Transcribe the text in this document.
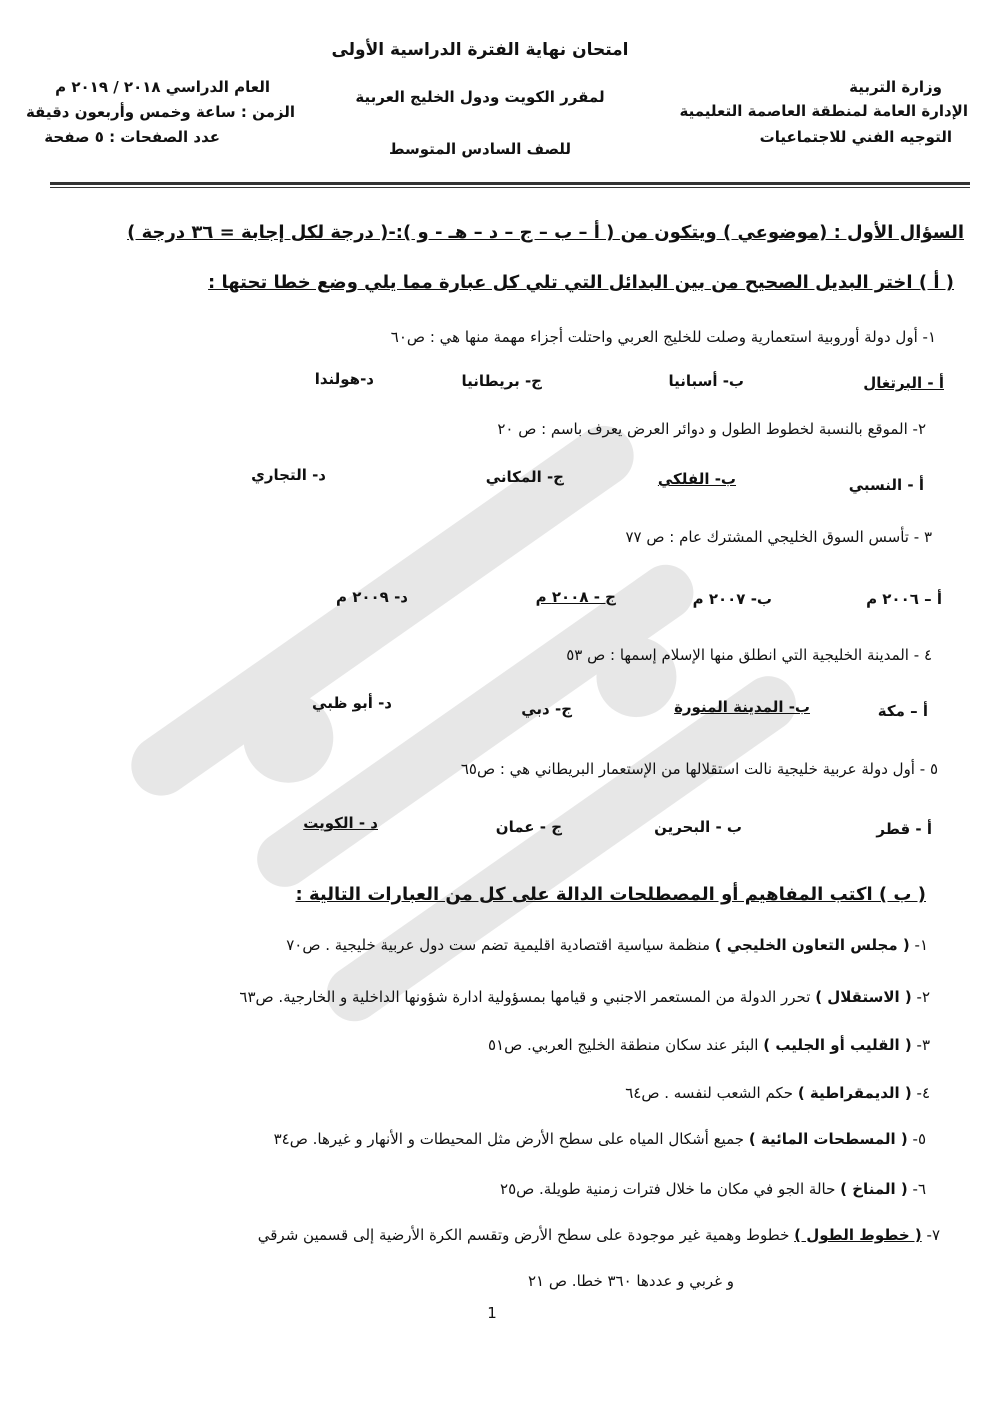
امتحان نهاية الفترة الدراسية الأولى
لمقرر الكويت ودول الخليج العربية
للصف السادس المتوسط
وزارة التربية
الإدارة العامة لمنطقة العاصمة التعليمية
التوجيه الفني للاجتماعيات
العام الدراسي ٢٠١٨ / ٢٠١٩ م
الزمن : ساعة وخمس وأربعون دقيقة
عدد الصفحات : ٥ صفحة
السؤال الأول : (موضوعي ) ويتكون من ( أ – ب – ج – د – هـ - و ):-( درجة لكل إجابة = ٣٦ درجة )
( أ ) اختر البديل الصحيح من بين البدائل التي تلي كل عبارة مما يلي وضع خطا تحتها :
١- أول دولة أوروبية استعمارية وصلت للخليج العربي واحتلت أجزاء مهمة منها هي : ص٦٠
أ - البرتغال
ب- أسبانيا
ج- بريطانيا
د-هولندا
٢- الموقع بالنسبة لخطوط الطول و دوائر العرض يعرف باسم : ص ٢٠
أ - النسبي
ب- الفلكي
ج- المكاني
د- التجاري
٣ - تأسس السوق الخليجي المشترك عام : ص ٧٧
أ – ٢٠٠٦ م
ب- ٢٠٠٧ م
ج - ٢٠٠٨ م
د- ٢٠٠٩ م
٤ - المدينة الخليجية التي انطلق منها الإسلام إسمها : ص ٥٣
أ – مكة
ب- المدينة المنورة
ج- دبي
د- أبو ظبي
٥ - أول دولة عربية خليجية نالت استقلالها من الإستعمار البريطاني هي : ص٦٥
أ - قطر
ب - البحرين
ج - عمان
د - الكويت
( ب ) اكتب المفاهيم أو المصطلحات الدالة على كل من العبارات التالية :
١- ( مجلس التعاون الخليجي ) منظمة سياسية اقتصادية اقليمية تضم ست دول عربية خليجية . ص٧٠
٢- ( الاستقلال ) تحرر الدولة من المستعمر الاجنبي و قيامها بمسؤولية ادارة شؤونها الداخلية و الخارجية. ص٦٣
٣- ( القليب أو الجليب ) البئر عند سكان منطقة الخليج العربي. ص٥١
٤- ( الديمقراطية ) حكم الشعب لنفسه . ص٦٤
٥- ( المسطحات المائية ) جميع أشكال المياه على سطح الأرض مثل المحيطات و الأنهار و غيرها. ص٣٤
٦- ( المناخ ) حالة الجو في مكان ما خلال فترات زمنية طويلة. ص٢٥
٧- ( خطوط الطول ) خطوط وهمية غير موجودة على سطح الأرض وتقسم الكرة الأرضية إلى قسمين شرقي
و غربي و عددها ٣٦٠ خطا. ص ٢١
1
